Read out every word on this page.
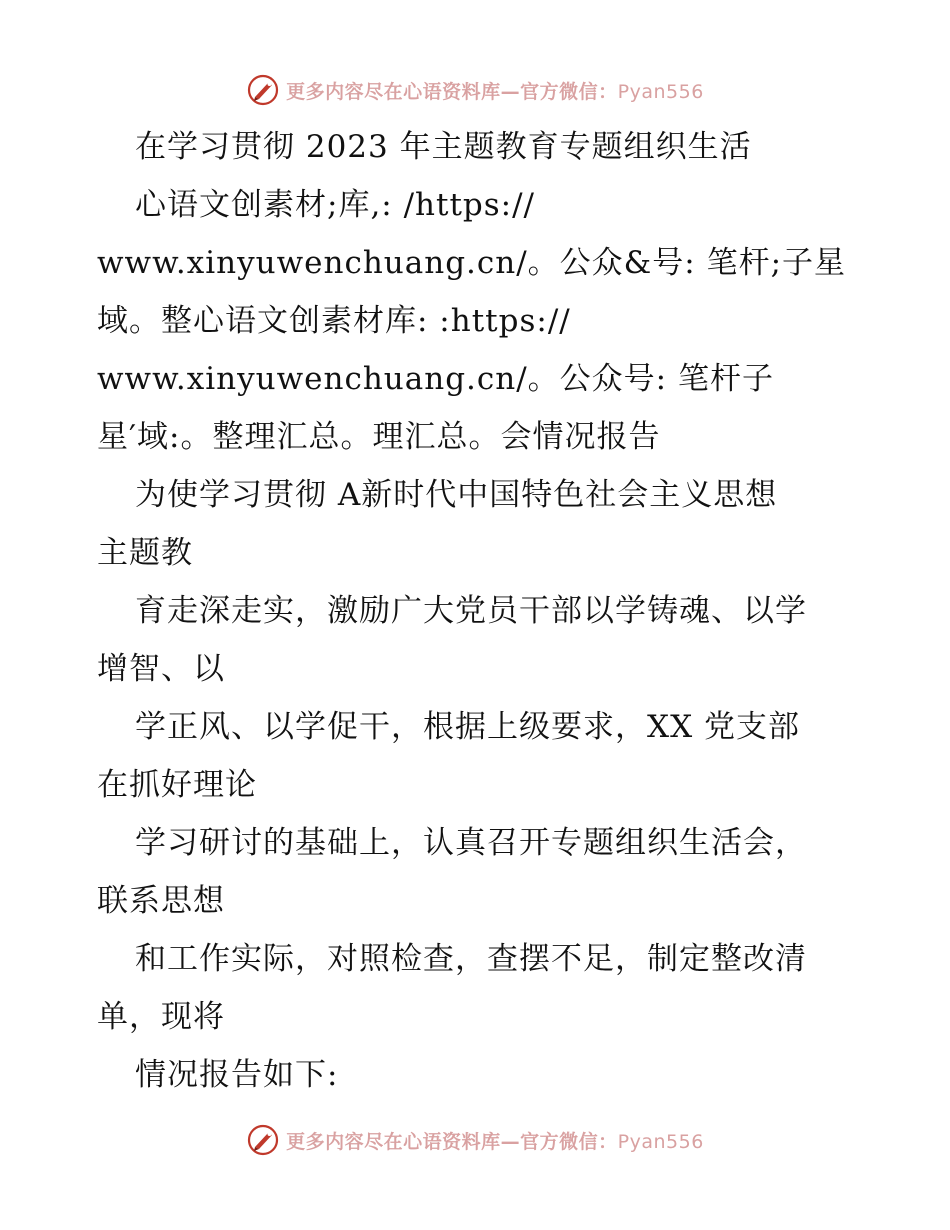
更多内容尽在心语资料库—官方微信：Pyan556
在学习贯彻 2023 年主题教育专题组织生活
心语文创素材;库,: /https://
www.xinyuwenchuang.cn/。公众&号: 笔杆;子星
域。整心语文创素材库: :https://
www.xinyuwenchuang.cn/。公众号: 笔杆子
星′域:。整理汇总。理汇总。会情况报告
为使学习贯彻 A新时代中国特色社会主义思想
主题教
育走深走实，激励广大党员干部以学铸魂、以学
增智、以
学正风、以学促干，根据上级要求，XX 党支部
在抓好理论
学习研讨的基础上，认真召开专题组织生活会，
联系思想
和工作实际，对照检查，查摆不足，制定整改清
单，现将
情况报告如下:
更多内容尽在心语资料库—官方微信：Pyan556
